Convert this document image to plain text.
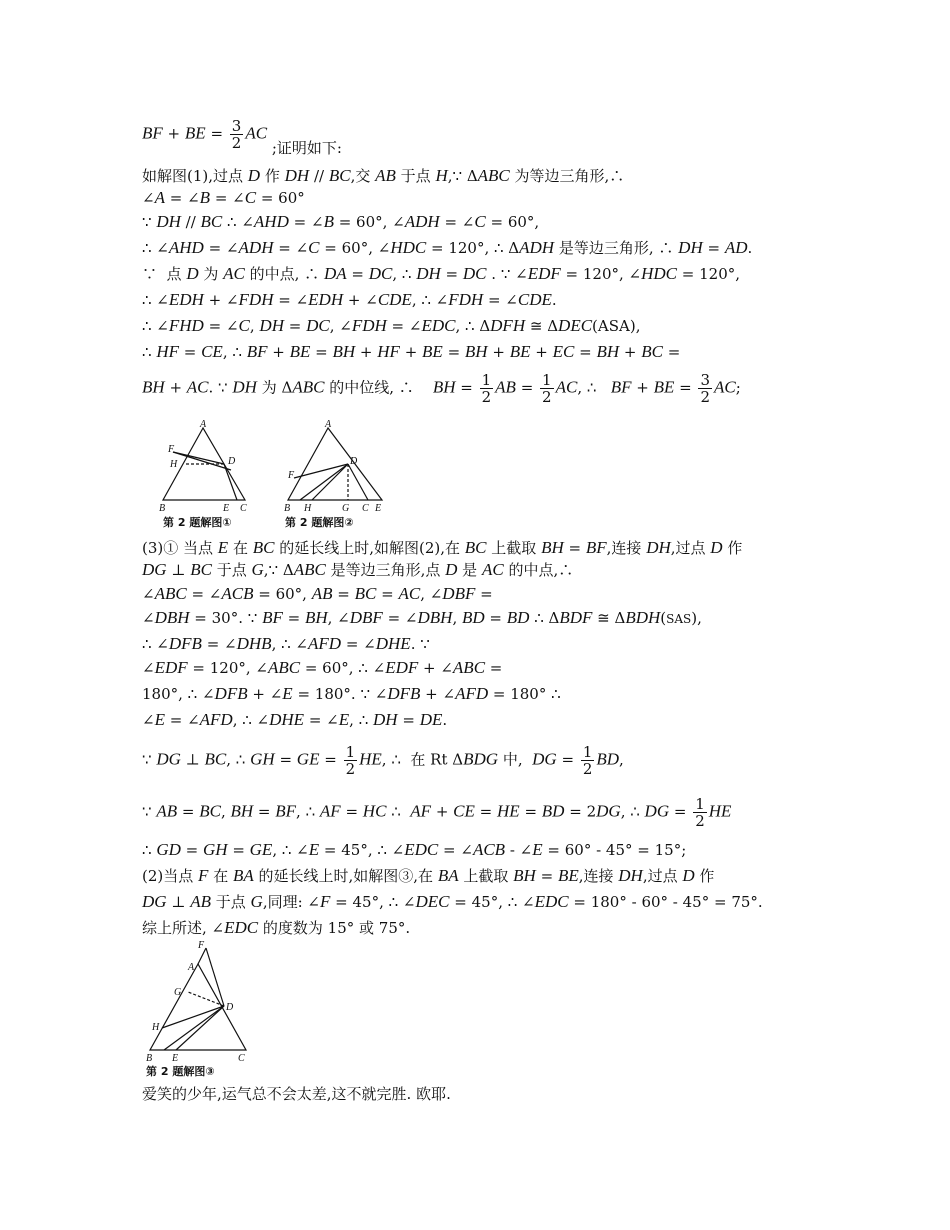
BF + BE = $\frac{3}{2}$ AC ;证明如下:
如解图(1),过点 D 作 DH // BC,交 AB 于点 H,∵ ΔABC 为等边三角形,∴
∠A = ∠B = ∠C = 60°
∵ DH // BC ∴ ∠AHD = ∠B = 60°, ∠ADH = ∠C = 60°,
∴ ∠AHD = ∠ADH = ∠C = 60°, ∠HDC = 120°, ∴ ΔADH 是等边三角形, ∴ DH = AD.
∵  点 D 为 AC 的中点, ∴ DA = DC, ∴ DH = DC . ∵ ∠EDF = 120°, ∠HDC = 120°,
∴ ∠EDH + ∠FDH = ∠EDH + ∠CDE, ∴ ∠FDH = ∠CDE.
∴ ∠FHD = ∠C, DH = DC, ∠FDH = ∠EDC, ∴ ΔDFH ≅ ΔDEC(ASA),
∴ HF = CE, ∴ BF + BE = BH + HF + BE = BH + BE + EC = BH + BC =
BH + AC. ∵ DH 为 ΔABC 的中位线, ∴    BH = $\frac{1}{2}$ AB = $\frac{1}{2}$ AC, ∴   BF + BE = $\frac{3}{2}$ AC;
A
F
H	D
B	E C
第 2 题解图①
A
D
F
B H	G C E
第 2 题解图②
(3)① 当点 E 在 BC 的延长线上时,如解图(2),在 BC 上截取 BH = BF,连接 DH,过点 D 作
DG ⊥ BC 于点 G,∵ ΔABC 是等边三角形,点 D 是 AC 的中点,∴
∠ABC = ∠ACB = 60°, AB = BC = AC, ∠DBF =
∠DBH = 30°. ∵ BF = BH, ∠DBF = ∠DBH, BD = BD ∴ ΔBDF ≅ ΔBDH(SAS),
∴ ∠DFB = ∠DHB, ∴ ∠AFD = ∠DHE. ∵
∠EDF = 120°, ∠ABC = 60°, ∴ ∠EDF + ∠ABC =
180°, ∴ ∠DFB + ∠E = 180°. ∵ ∠DFB + ∠AFD = 180° ∴
∠E = ∠AFD, ∴ ∠DHE = ∠E, ∴ DH = DE.
∵ DG ⊥ BC, ∴ GH = GE = $\frac{1}{2}$ HE, ∴  在 Rt ΔBDG 中,  DG = $\frac{1}{2}$ BD,
∵ AB = BC, BH = BF, ∴ AF = HC ∴  AF + CE = HE = BD = 2DG, ∴ DG = $\frac{1}{2}$ HE
∴ GD = GH = GE, ∴ ∠E = 45°, ∴ ∠EDC = ∠ACB - ∠E = 60° - 45° = 15°;
(2)当点 F 在 BA 的延长线上时,如解图③,在 BA 上截取 BH = BE,连接 DH,过点 D 作
DG ⊥ AB 于点 G,同理: ∠F = 45°, ∴ ∠DEC = 45°, ∴ ∠EDC = 180° - 60° - 45° = 75°.
综上所述, ∠EDC 的度数为 15° 或 75°.
F
A
G
D
H
B E	C
第 2 题解图③
爱笑的少年,运气总不会太差,这不就完胜. 欧耶.
